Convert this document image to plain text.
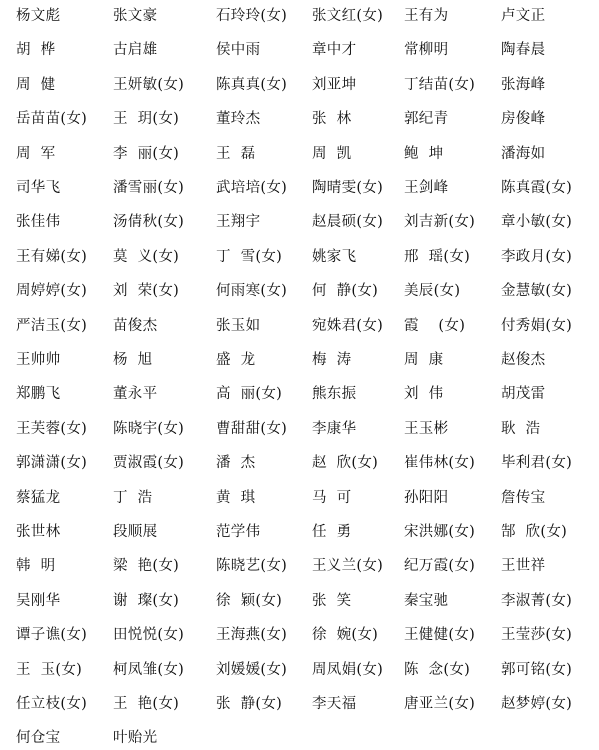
杨文彪	张文豪	石玲玲(女) 张文红(女) 王有为	卢文正
胡  桦	古启雄	侯中雨	章中才	常柳明	陶春晨
周  健	王妍敏(女) 陈真真(女) 刘亚坤	丁结苗(女) 张海峰
岳苗苗(女) 王  玥(女)	董玲杰	张  林	郭纪青	房俊峰
周  军	李  丽(女)	王  磊	周  凯	鲍  坤	潘海如
司华飞	潘雪丽(女) 武培培(女) 陶晴雯(女) 王剑峰	陈真霞(女)
张佳伟	汤倩秋(女) 王翔宇	赵晨硕(女) 刘吉新(女) 章小敏(女)
王有娣(女) 莫  义(女)	丁  雪(女) 姚家飞	邢  瑶(女) 李政月(女)
周婷婷(女) 刘  荣(女)	何雨寒(女) 何  静(女) 美辰(女)	金慧敏(女)
严洁玉(女) 苗俊杰	张玉如	宛姝君(女) 霞    (女) 付秀娟(女)
王帅帅	杨  旭	盛  龙	梅  涛	周  康	赵俊杰
郑鹏飞	董永平	高  丽(女) 熊东振	刘  伟	胡茂雷
王芙蓉(女) 陈晓宇(女) 曹甜甜(女) 李康华	王玉彬	耿  浩
郭潇潇(女) 贾淑霞(女) 潘  杰	赵  欣(女) 崔伟林(女) 毕利君(女)
蔡猛龙	丁  浩	黄  琪	马  可	孙阳阳	詹传宝
张世林	段顺展	范学伟	任  勇	宋洪娜(女) 郜  欣(女)
韩  明	梁  艳(女)	陈晓艺(女) 王义兰(女) 纪万霞(女) 王世祥
吴刚华	谢  璨(女)	徐  颖(女) 张  笑	秦宝驰	李淑菁(女)
谭子谯(女) 田悦悦(女) 王海燕(女) 徐  婉(女) 王健健(女) 王莹莎(女)
王  玉(女) 柯凤雏(女) 刘媛媛(女) 周凤娟(女) 陈  念(女) 郭可铭(女)
任立枝(女) 王  艳(女)	张  静(女) 李天福	唐亚兰(女) 赵梦婷(女)
何仓宝	叶贻光
